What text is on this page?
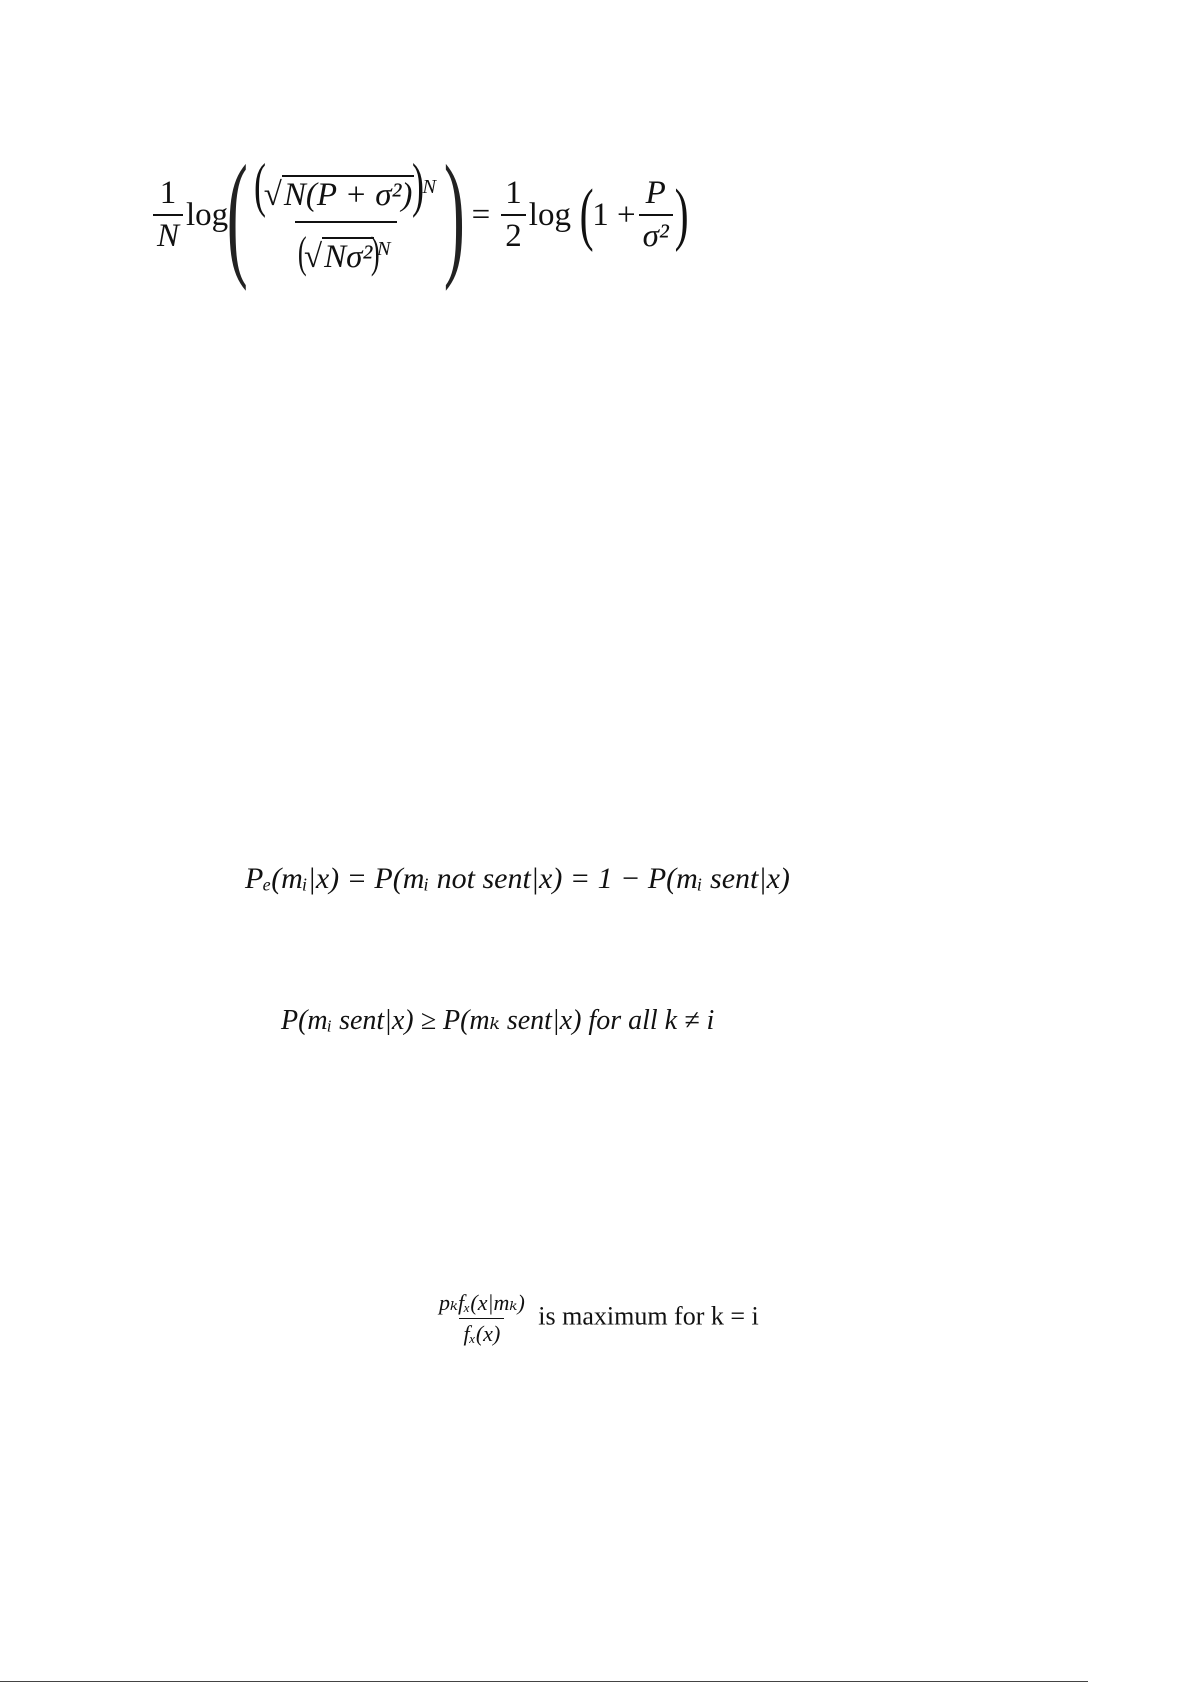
$\frac{1}{N}$ log
( $\frac{(√N(P + \sigma^2))^N}{(√N\sigma^2)^N}$ ) = $\frac{1}{2}$ log (
$1 + \frac{P}{\text{σ²}}$ )
Pₑ(mᵢ|x) = P(mᵢ not sent|x) = 1 − P(mᵢ sent|x)
P(mᵢ sent|x) ≥ P(mₖ sent|x) for all k ≠ i
$\frac{\text{pₖfₓ(x|mₖ)}}{\text{fₓ(x)}}$ is maximum for k = i
